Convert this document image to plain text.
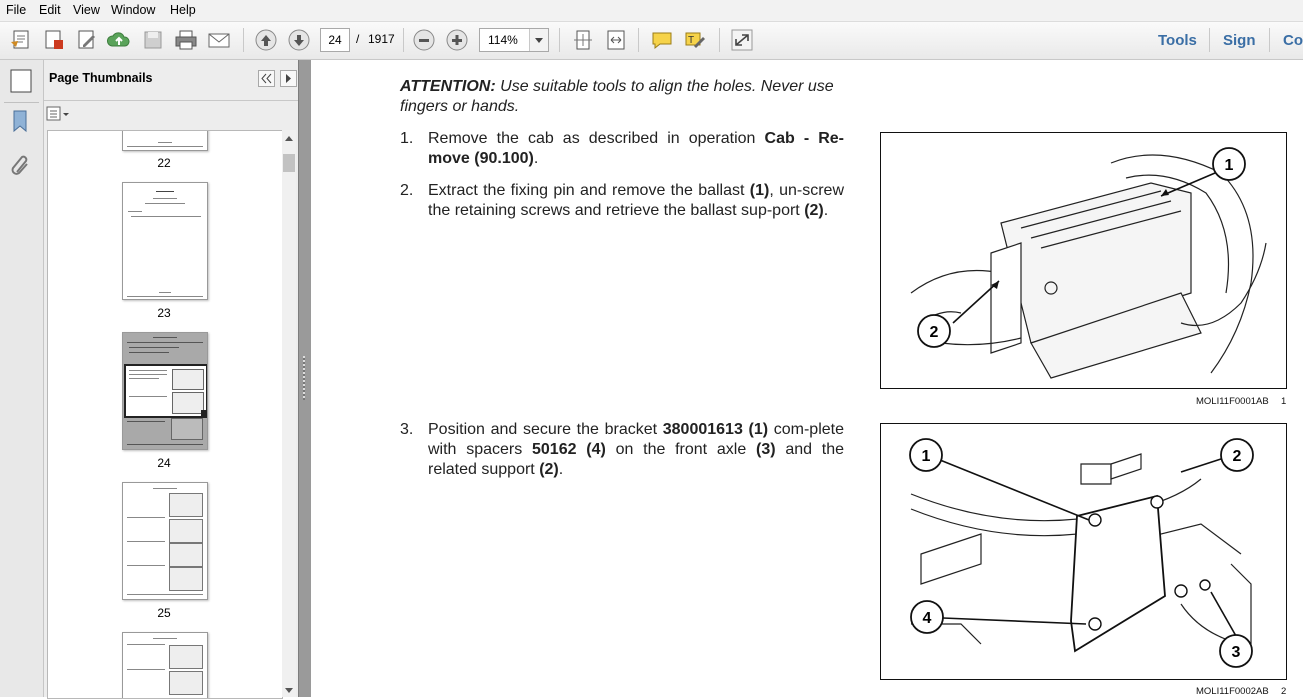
File Edit View Window Help
24	/ 1917	114%	T	Tools Sign Co
Page Thumbnails
22
23
24
25
ATTENTION: Use suitable tools to align the holes. Never use fingers or hands.
1. Remove the cab as described in operation Cab - Re-move (90.100).
2. Extract the fixing pin and remove the ballast (1), un-screw the retaining screws and retrieve the ballast sup-port (2).
3. Position and secure the bracket 380001613 (1) com-plete with spacers 50162 (4) on the front axle (3) and the related support (2).
1
2
MOLI11F0001AB 1
1	2
4
3
MOLI11F0002AB 2
